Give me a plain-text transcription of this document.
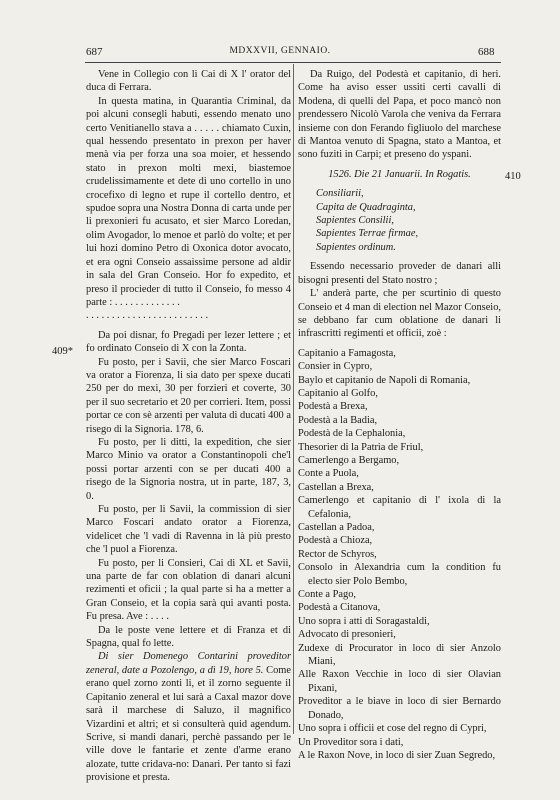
687	MDXXVII, GENNAIO.	688
409*
410

Vene in Collegio con li Cai di X l' orator del duca di Ferrara.

In questa matina, in Quarantia Criminal, da poi alcuni consegli habuti, essendo menato uno certo Venitianello stava a . . . . . chiamato Cuxin, qual hessendo presentato in prexon per haver menà via per forza una soa moier, et hessendo stato in prexon molti mexi, biastemoe crudelissimamente et dete di uno cortello in uno crocefixo di legno et rupe il cortello dentro, et spudoe sopra una Nostra Donna di carta unde per li prexonieri fu acusato, et sier Marco Loredan, olim Avogador, lo menoe et parlò do volte; et per lui hozi domino Petro di Oxonica dotor avocato, et era ogni Conseio assaissime persone ad aldir in sala del Gran Conseio. Hor fo expedito, et preso il procieder di tutto il Conseio, fo messo 4 parte : . . . . . . . . . . . . .

. . . . . . . . . . . . . . . . . . . . . . . .

Da poi disnar, fo Pregadi per lezer lettere ; et fo ordinato Conseio di X con la Zonta.

Fu posto, per i Savii, che sier Marco Foscari va orator a Fiorenza, li sia dato per spexe ducati 250 per do mexi, 30 per forzieri et coverte, 30 per il suo secretario et 20 per corrieri. Item, possi portar ce con sè arzenti per valuta di ducati 400 a risego di la Signoria. 178, 6.

Fu posto, per li ditti, la expedition, che sier Marco Minio va orator a Constantinopoli che'l possi portar arzenti con se per ducati 400 a risego de la Signoria nostra, ut in parte, 187, 3, 0.

Fu posto, per li Savii, la commission di sier Marco Foscari andato orator a Fiorenza, videlicet che 'l vadi di Ravenna in là più presto che 'l puol a Fiorenza.

Fu posto, per li Consieri, Cai di XL et Savii, una parte de far con oblation di danari alcuni rezimenti et oficii ; la qual parte si ha a metter a Gran Conseio, et la copia sarà qui avanti posta. Fu presa. Ave : . . . .

Da le poste vene lettere et di Franza et di Spagna, qual fo lette.

Di sier Domenego Contarini proveditor zeneral, date a Pozolengo, a dì 19, hore 5. Come erano quel zorno zonti li, et il zorno seguente il Capitanio zeneral et lui sarà a Caxal mazor dove sarà il marchese di Saluzo, il magnifico Vizardini et altri; et si consulterà quid agendum. Scrive, si mandi danari, perchè passando per le ville dove le fantarie et zente d'arme erano alozate, tutte cridava-no: Danari. Per tanto si fazi provisione et presta.

Da Ruigo, del Podestà et capitanio, di heri. Come ha aviso esser ussiti certi cavalli di Modena, di quelli del Papa, et poco mancò non prendessero Nicolò Varola che veniva da Ferrara insieme con don Ferando figliuolo del marchese di Mantoa venuto di Spagna, stato a Mantoa, et sono fuziti in Carpi; et preseno do yspani.

1526. Die 21 Januarii. In Rogatis.

Consiliarii,
Capita de Quadraginta,
Sapientes Consilii,
Sapientes Terrae firmae,
Sapientes ordinum.

Essendo necessario proveder de danari alli bisogni presenti del Stato nostro ;

L' anderà parte, che per scurtinio di questo Conseio et 4 man di election nel Mazor Conseio, se debbano far cum oblatione de danari li infrascritti regimenti et officii, zoè :

Capitanio a Famagosta,
Consier in Cypro,
Baylo et capitanio de Napoli di Romania,
Capitanio al Golfo,
Podestà a Brexa,
Podestà a la Badia,
Podestà de la Cephalonia,
Thesorier di la Patria de Friul,
Camerlengo a Bergamo,
Conte a Puola,
Castellan a Brexa,
Camerlengo et capitanio di l' ixola di la Cefalonia,
Castellan a Padoa,
Podestà a Chioza,
Rector de Schyros,
Consolo in Alexandria cum la condition fu electo sier Polo Bembo,
Conte a Pago,
Podestà a Citanova,
Uno sopra i atti di Soragastaldi,
Advocato di presonieri,
Zudexe di Procurator in loco di sier Anzolo Miani,
Alle Raxon Vecchie in loco di sier Olavian Pixani,
Proveditor a le biave in loco di sier Bernardo Donado,
Uno sopra i officii et cose del regno di Cypri,
Un Proveditor sora i dati,
A le Raxon Nove, in loco di sier Zuan Segredo,
